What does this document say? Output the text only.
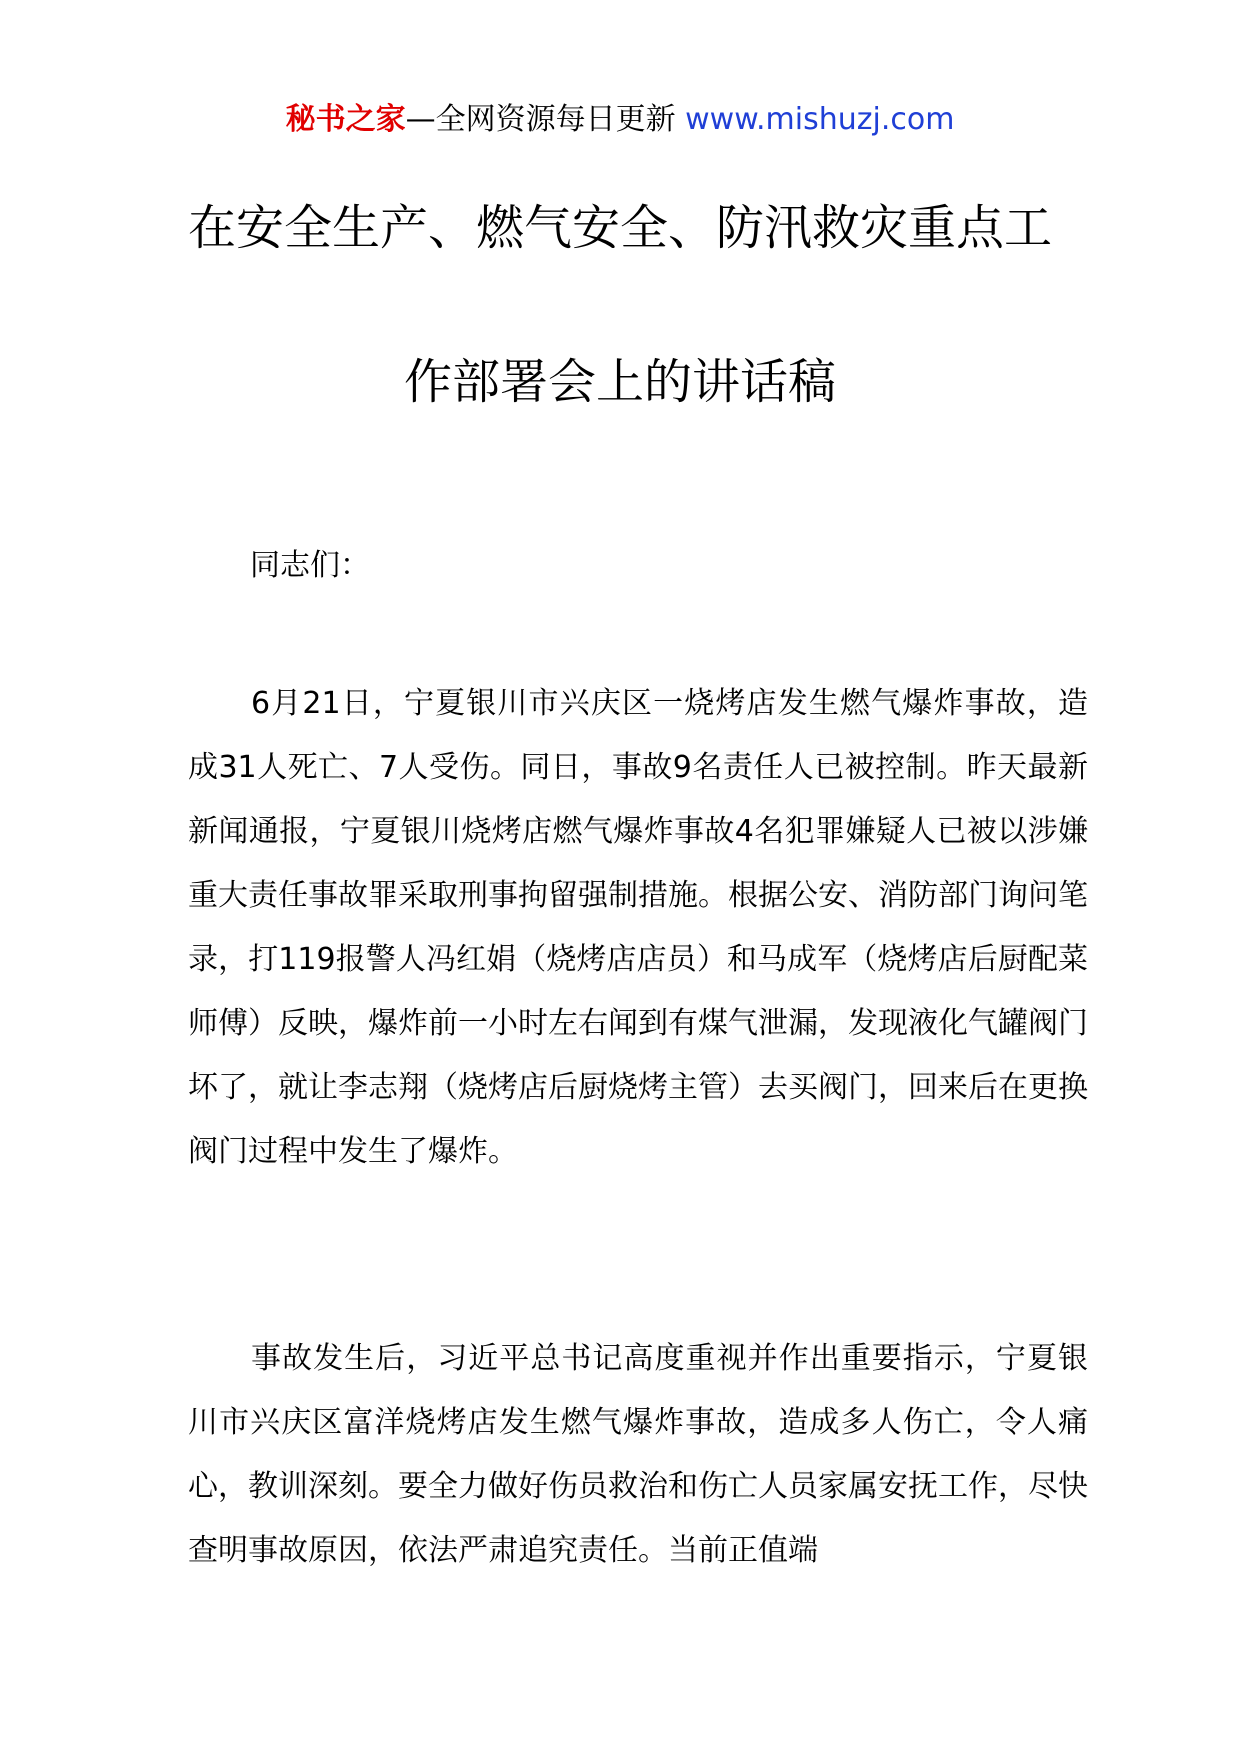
秘书之家—全网资源每日更新 www.mishuzj.com
在安全生产、燃气安全、防汛救灾重点工
作部署会上的讲话稿
同志们：
6月21日，宁夏银川市兴庆区一烧烤店发生燃气爆炸事故，造成31人死亡、7人受伤。同日，事故9名责任人已被控制。昨天最新新闻通报，宁夏银川烧烤店燃气爆炸事故4名犯罪嫌疑人已被以涉嫌重大责任事故罪采取刑事拘留强制措施。根据公安、消防部门询问笔录，打119报警人冯红娟（烧烤店店员）和马成军（烧烤店后厨配菜师傅）反映，爆炸前一小时左右闻到有煤气泄漏，发现液化气罐阀门坏了，就让李志翔（烧烤店后厨烧烤主管）去买阀门，回来后在更换阀门过程中发生了爆炸。
事故发生后，习近平总书记高度重视并作出重要指示，宁夏银川市兴庆区富洋烧烤店发生燃气爆炸事故，造成多人伤亡，令人痛心，教训深刻。要全力做好伤员救治和伤亡人员家属安抚工作，尽快查明事故原因，依法严肃追究责任。当前正值端
